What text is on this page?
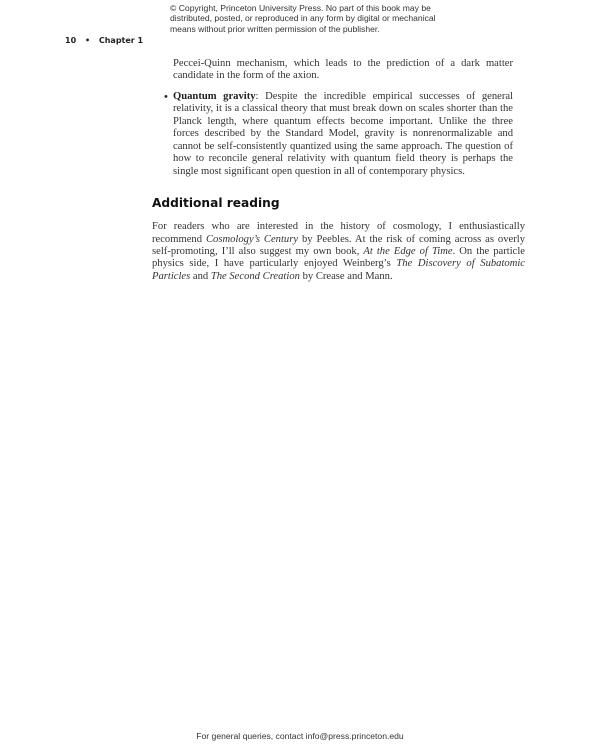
© Copyright, Princeton University Press. No part of this book may be
distributed, posted, or reproduced in any form by digital or mechanical
means without prior written permission of the publisher.
10 • Chapter 1

Peccei-Quinn mechanism, which leads to the prediction of a dark matter candidate in the form of the axion.

• Quantum gravity: Despite the incredible empirical successes of general relativity, it is a classical theory that must break down on scales shorter than the Planck length, where quantum effects become important. Unlike the three forces described by the Standard Model, gravity is nonrenormalizable and cannot be self-consistently quantized using the same approach. The question of how to reconcile general relativity with quantum field theory is perhaps the single most significant open question in all of contemporary physics.

Additional reading

For readers who are interested in the history of cosmology, I enthusiastically recommend Cosmology’s Century by Peebles. At the risk of coming across as overly self-promoting, I’ll also suggest my own book, At the Edge of Time. On the particle physics side, I have particularly enjoyed Weinberg’s The Discovery of Subatomic Particles and The Second Creation by Crease and Mann.

For general queries, contact info@press.princeton.edu
